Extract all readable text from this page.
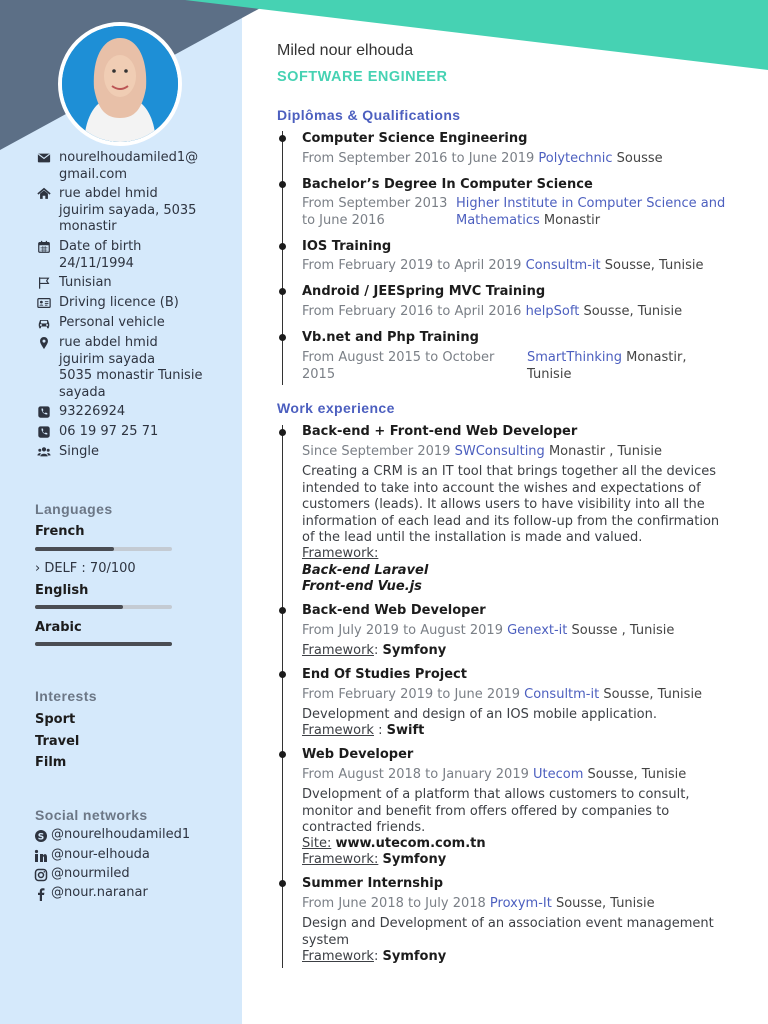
nourelhoudamiled1@
gmail.com
rue abdel hmid
jguirim sayada, 5035
monastir
Date of birth
24/11/1994
Tunisian
Driving licence (B)
Personal vehicle
rue abdel hmid
jguirim sayada
5035 monastir Tunisie
sayada
93226924
06 19 97 25 71
Single
Languages
French
› DELF : 70/100
English
Arabic
Interests
Sport
Travel
Film
Social networks
S @nourelhoudamiled1
@nour-elhouda
@nourmiled
@nour.naranar
Miled nour elhouda
SOFTWARE ENGINEER
Diplômas & Qualifications
Computer Science Engineering
From September 2016 to June 2019 Polytechnic Sousse
Bachelor’s Degree In Computer Science
From September 2013 to June 2016
Higher Institute in Computer Science and Mathematics Monastir
IOS Training
From February 2019 to April 2019 Consultm-it Sousse, Tunisie
Android / JEESpring MVC Training
From February 2016 to April 2016 helpSoft Sousse, Tunisie
Vb.net and Php Training
From August 2015 to October 2015
SmartThinking Monastir, Tunisie
Work experience
Back-end + Front-end Web Developer
Since September 2019 SWConsulting Monastir , Tunisie
Creating a CRM is an IT tool that brings together all the devices intended to take into account the wishes and expectations of customers (leads). It allows users to have visibility into all the information of each lead and its follow-up from the confirmation of the lead until the installation is made and valued.
Framework:
Back-end Laravel
Front-end Vue.js
Back-end Web Developer
From July 2019 to August 2019 Genext-it Sousse , Tunisie
Framework: Symfony
End Of Studies Project
From February 2019 to June 2019 Consultm-it Sousse, Tunisie
Development and design of an IOS mobile application.
Framework : Swift
Web Developer
From August 2018 to January 2019 Utecom Sousse, Tunisie
Dvelopment of a platform that allows customers to consult, monitor and benefit from offers offered by companies to contracted friends.
Site: www.utecom.com.tn
Framework: Symfony
Summer Internship
From June 2018 to July 2018 Proxym-It Sousse, Tunisie
Design and Development of an association event management system
Framework: Symfony
